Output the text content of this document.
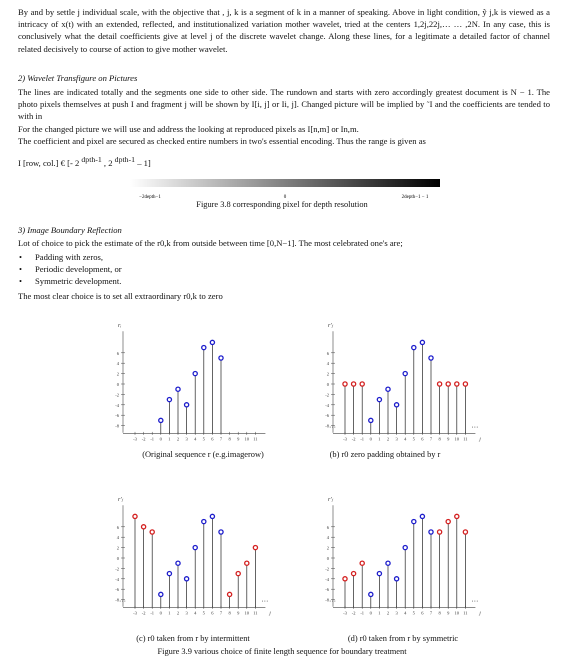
By and by settle j individual scale, with the objective that , j, k is a segment of k in a manner of speaking. Above in light condition, ỹ j,k is viewed as a intricacy of x(t) with an extended, reflected, and institutionalized variation mother wavelet, tried at the centers 1,2j,22j,… … ,2N. In any case, this is conclusively what the detail coefficients give at level j of the discrete wavelet change. Along these lines, for a legitimate a detailed factor of channel related decisively to course of action to give mother wavelet.

2) Wavelet Transfigure on Pictures

The lines are indicated totally and the segments one side to other side. The rundown and starts with zero accordingly greatest document is N − 1. The photo pixels themselves at push I and fragment j will be shown by I[i, j] or Ii, j]. Changed picture will be implied by ˜I and the coefficients are tended to with in

For the changed picture we will use and address the looking at reproduced pixels as I[n,m] or In,m.

The coefficient and pixel are secured as checked entire numbers in two's essential encoding. Thus the range is given as

I [row, col.] € [- 2 dpth-1 , 2 dpth-1 – 1]
−2depth−1	0	2depth−1 − 1
Figure 3.8 corresponding pixel for depth resolution

3) Image Boundary Reflection

Lot of choice to pick the estimate of the r0,k from outside between time [0,N−1]. The most celebrated one's are;

• Padding with zeros,
• Periodic development, or
• Symmetric development.

The most clear choice is to set all extraordinary r0,k to zero

rᵢ
6
4
2
0
-2
-4
-6
-8
-3 -2 -1 0 1 2 3 4 5 6 7 8 9 10 11
r′ⱼ
6
4
2
0
-2
-4
-6
-8
-3 -2 -1 0 1 2 3 4 5 6 7 8 9 10 11 j
…	…
r′ⱼ
6
4
2
0
-2
-4
-6
-8
-3 -2 -1 0 1 2 3 4 5 6 7 8 9 10 11 j
…	…
r′ⱼ
6
4
2
0
-2
-4
-6
-8
-3 -2 -1 0 1 2 3 4 5 6 7 8 9 10 11 j
…	…
(Original sequence r (e.g.imagerow)	(b) r0 zero padding obtained by r
(c) r0 taken from r by intermittent	(d) r0 taken from r by symmetric
Figure 3.9 various choice of finite length sequence for boundary treatment
